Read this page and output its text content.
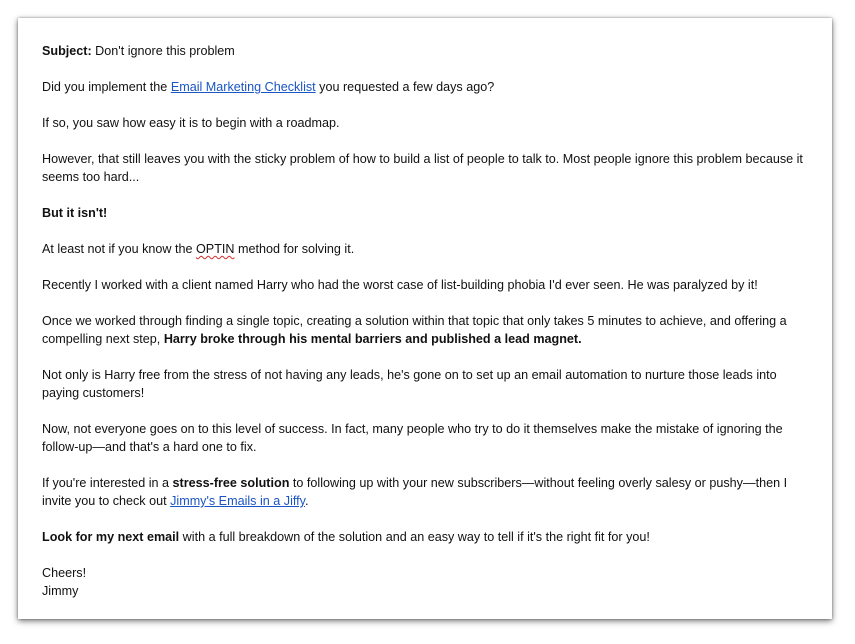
Subject: Don't ignore this problem

Did you implement the Email Marketing Checklist you requested a few days ago?

If so, you saw how easy it is to begin with a roadmap.

However, that still leaves you with the sticky problem of how to build a list of people to talk to. Most people ignore this problem because it seems too hard...

But it isn't!

At least not if you know the OPTIN method for solving it.

Recently I worked with a client named Harry who had the worst case of list-building phobia I'd ever seen. He was paralyzed by it!

Once we worked through finding a single topic, creating a solution within that topic that only takes 5 minutes to achieve, and offering a compelling next step, Harry broke through his mental barriers and published a lead magnet.

Not only is Harry free from the stress of not having any leads, he's gone on to set up an email automation to nurture those leads into paying customers!

Now, not everyone goes on to this level of success. In fact, many people who try to do it themselves make the mistake of ignoring the follow-up—and that's a hard one to fix.

If you're interested in a stress-free solution to following up with your new subscribers—without feeling overly salesy or pushy—then I invite you to check out Jimmy's Emails in a Jiffy.

Look for my next email with a full breakdown of the solution and an easy way to tell if it's the right fit for you!

Cheers!

Jimmy
